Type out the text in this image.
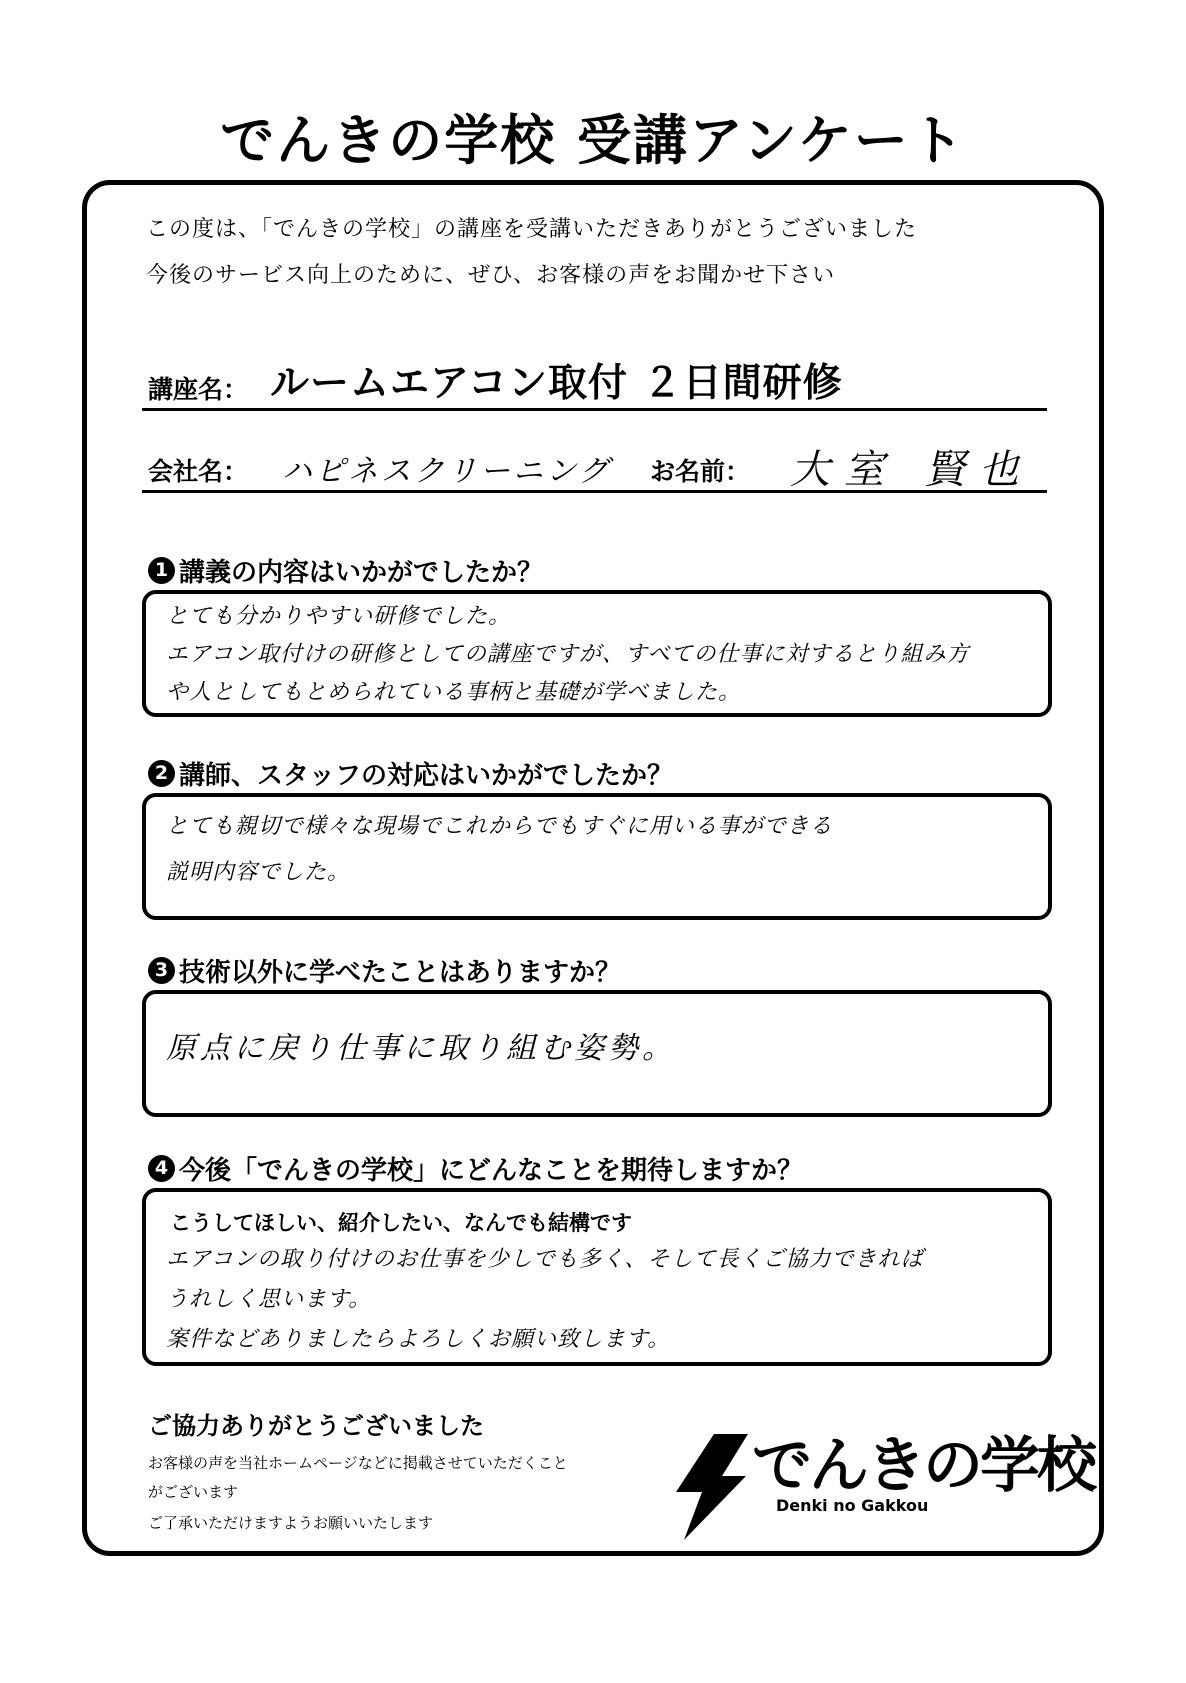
でんきの学校 受講アンケート
この度は、「でんきの学校」の講座を受講いただきありがとうございました
今後のサービス向上のために、ぜひ、お客様の声をお聞かせ下さい
講座名： ルームエアコン取付 ２日間研修
会社名： ハピネスクリーニング お名前： 大室 賢也
1 講義の内容はいかがでしたか？
とても分かりやすい研修でした。
エアコン取付けの研修としての講座ですが、すべての仕事に対するとり組み方
や人としてもとめられている事柄と基礎が学べました。
2 講師、スタッフの対応はいかがでしたか？
とても親切で様々な現場でこれからでもすぐに用いる事ができる
説明内容でした。
3 技術以外に学べたことはありますか？
原点に戻り仕事に取り組む姿勢。
4 今後「でんきの学校」にどんなことを期待しますか？
こうしてほしい、紹介したい、なんでも結構です
エアコンの取り付けのお仕事を少しでも多く、そして長くご協力できれば
うれしく思います。
案件などありましたらよろしくお願い致します。
ご協力ありがとうございました
お客様の声を当社ホームページなどに掲載させていただくこと
がございます
ご了承いただけますようお願いいたします
でんきの学校
Denki no Gakkou
